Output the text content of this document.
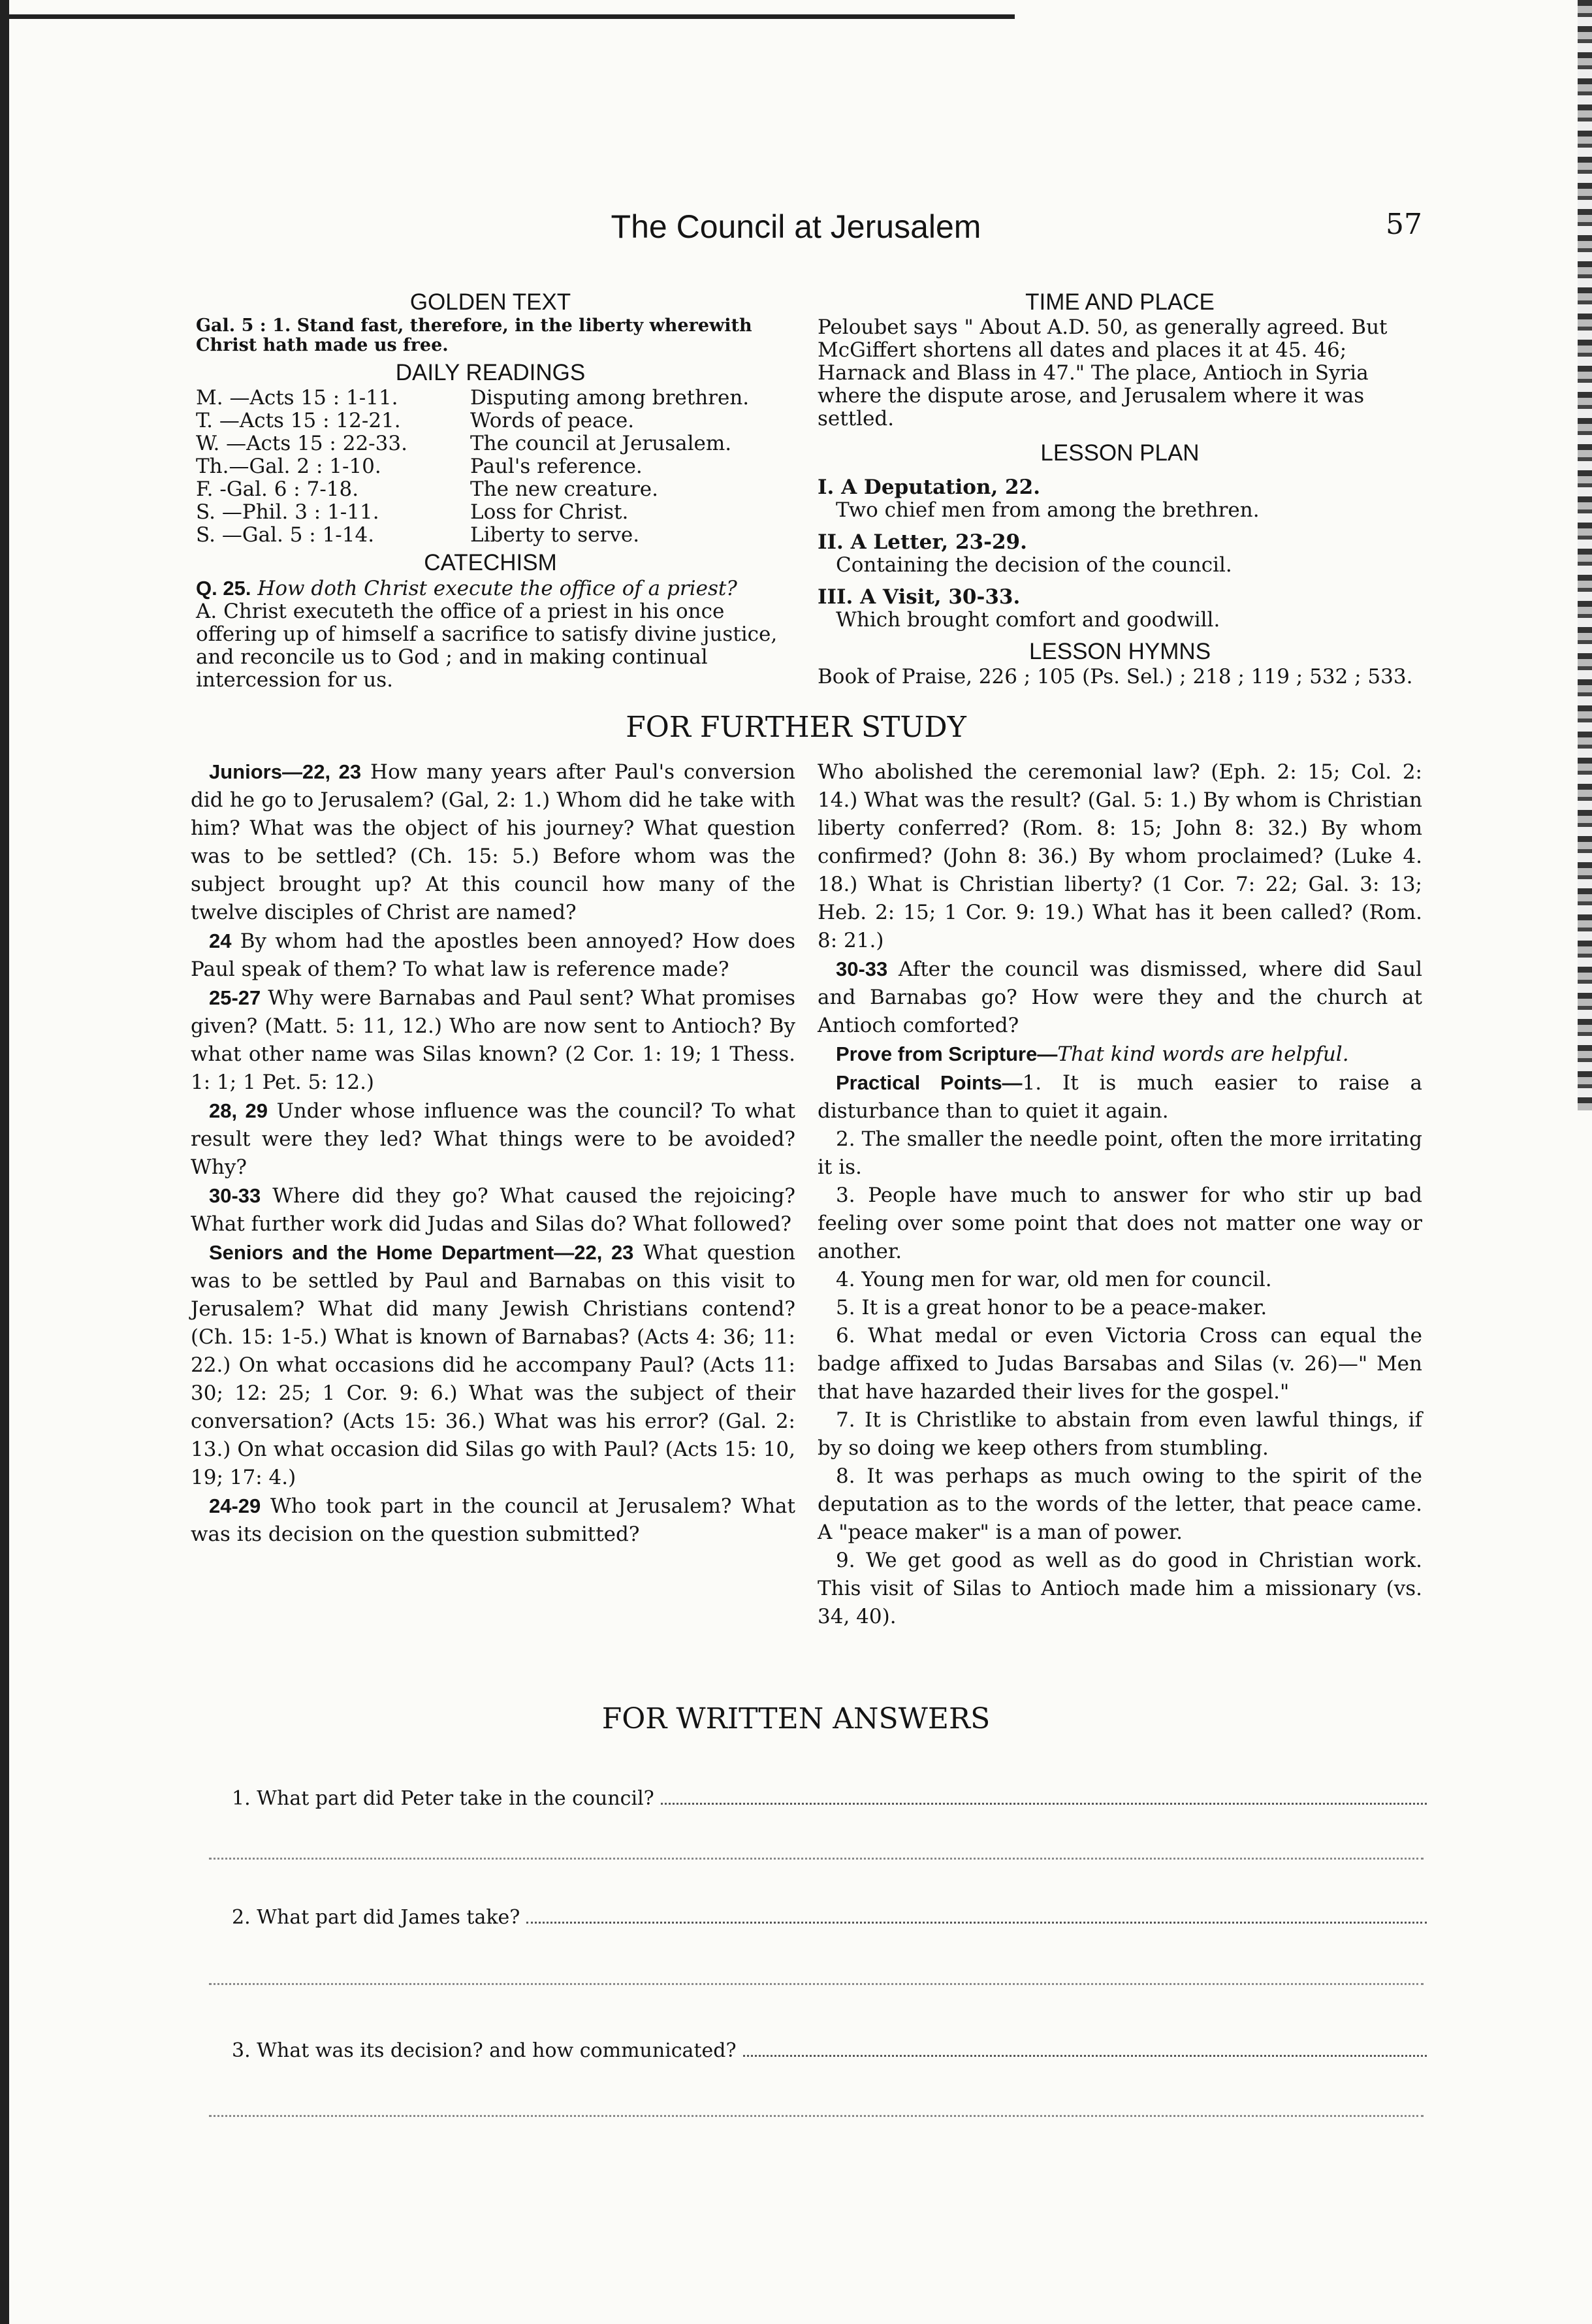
The Council at Jerusalem	57
GOLDEN TEXT
Gal. 5 : 1. Stand fast, therefore, in the liberty wherewith Christ hath made us free.
DAILY READINGS
M. —Acts 15 : 1-11.	Disputing among brethren.
T. —Acts 15 : 12-21.	Words of peace.
W. —Acts 15 : 22-33.	The council at Jerusalem.
Th.—Gal. 2 : 1-10.	Paul's reference.
F. -Gal. 6 : 7-18.	The new creature.
S. —Phil. 3 : 1-11.	Loss for Christ.
S. —Gal. 5 : 1-14.	Liberty to serve.
CATECHISM
Q. 25. How doth Christ execute the office of a priest?
A. Christ executeth the office of a priest in his once offering up of himself a sacrifice to satisfy divine justice, and reconcile us to God ; and in making continual intercession for us.
TIME AND PLACE
Peloubet says " About A.D. 50, as generally agreed. But McGiffert shortens all dates and places it at 45. 46; Harnack and Blass in 47." The place, Antioch in Syria where the dispute arose, and Jerusalem where it was settled.
LESSON PLAN
I. A Deputation, 22.
Two chief men from among the brethren.
II. A Letter, 23-29.
Containing the decision of the council.
III. A Visit, 30-33.
Which brought comfort and goodwill.
LESSON HYMNS
Book of Praise, 226 ; 105 (Ps. Sel.) ; 218 ; 119 ; 532 ; 533.
FOR FURTHER STUDY

Juniors—22, 23 How many years after Paul's conversion did he go to Jerusalem? (Gal, 2: 1.) Whom did he take with him? What was the object of his journey? What question was to be settled? (Ch. 15: 5.) Before whom was the subject brought up? At this council how many of the twelve disciples of Christ are named?

24 By whom had the apostles been annoyed? How does Paul speak of them? To what law is reference made?

25-27 Why were Barnabas and Paul sent? What promises given? (Matt. 5: 11, 12.) Who are now sent to Antioch? By what other name was Silas known? (2 Cor. 1: 19; 1 Thess. 1: 1; 1 Pet. 5: 12.)

28, 29 Under whose influence was the council? To what result were they led? What things were to be avoided? Why?

30-33 Where did they go? What caused the rejoicing? What further work did Judas and Silas do? What followed?

Seniors and the Home Department—22, 23 What question was to be settled by Paul and Barnabas on this visit to Jerusalem? What did many Jewish Christians contend? (Ch. 15: 1-5.) What is known of Barnabas? (Acts 4: 36; 11: 22.) On what occasions did he accompany Paul? (Acts 11: 30; 12: 25; 1 Cor. 9: 6.) What was the subject of their conversation? (Acts 15: 36.) What was his error? (Gal. 2: 13.) On what occasion did Silas go with Paul? (Acts 15: 10, 19; 17: 4.)

24-29 Who took part in the council at Jerusalem? What was its decision on the question submitted?

Who abolished the ceremonial law? (Eph. 2: 15; Col. 2: 14.) What was the result? (Gal. 5: 1.) By whom is Christian liberty conferred? (Rom. 8: 15; John 8: 32.) By whom confirmed? (John 8: 36.) By whom proclaimed? (Luke 4. 18.) What is Christian liberty? (1 Cor. 7: 22; Gal. 3: 13; Heb. 2: 15; 1 Cor. 9: 19.) What has it been called? (Rom. 8: 21.)

30-33 After the council was dismissed, where did Saul and Barnabas go? How were they and the church at Antioch comforted?

Prove from Scripture—That kind words are helpful.

Practical Points—1. It is much easier to raise a disturbance than to quiet it again.

2. The smaller the needle point, often the more irritating it is.

3. People have much to answer for who stir up bad feeling over some point that does not matter one way or another.

4. Young men for war, old men for council.

5. It is a great honor to be a peace-maker.

6. What medal or even Victoria Cross can equal the badge affixed to Judas Barsabas and Silas (v. 26)—" Men that have hazarded their lives for the gospel."

7. It is Christlike to abstain from even lawful things, if by so doing we keep others from stumbling.

8. It was perhaps as much owing to the spirit of the deputation as to the words of the letter, that peace came. A "peace maker" is a man of power.

9. We get good as well as do good in Christian work. This visit of Silas to Antioch made him a missionary (vs. 34, 40).

FOR WRITTEN ANSWERS
1. What part did Peter take in the council?
2. What part did James take?
3. What was its decision? and how communicated?
